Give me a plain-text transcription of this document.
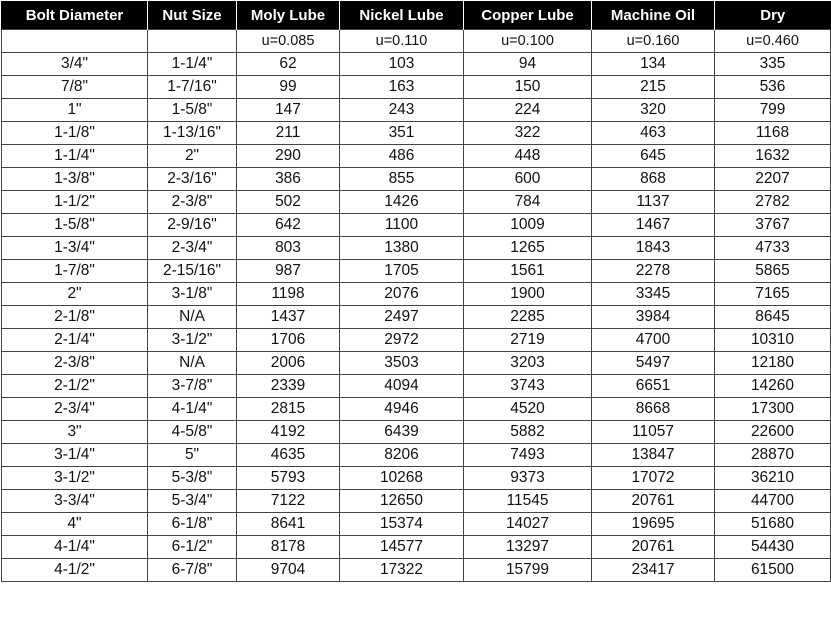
Bolt Diameter	Nut Size	Moly Lube	Nickel Lube	Copper Lube	Machine Oil	Dry
		u=0.085	u=0.110	u=0.100	u=0.160	u=0.460
3/4"	1-1/4"	62	103	94	134	335
7/8"	1-7/16"	99	163	150	215	536
1"	1-5/8"	147	243	224	320	799
1-1/8"	1-13/16"	211	351	322	463	1168
1-1/4"	2"	290	486	448	645	1632
1-3/8"	2-3/16"	386	855	600	868	2207
1-1/2"	2-3/8"	502	1426	784	1137	2782
1-5/8"	2-9/16"	642	1100	1009	1467	3767
1-3/4"	2-3/4"	803	1380	1265	1843	4733
1-7/8"	2-15/16"	987	1705	1561	2278	5865
2"	3-1/8"	1198	2076	1900	3345	7165
2-1/8"	N/A	1437	2497	2285	3984	8645
2-1/4"	3-1/2"	1706	2972	2719	4700	10310
2-3/8"	N/A	2006	3503	3203	5497	12180
2-1/2"	3-7/8"	2339	4094	3743	6651	14260
2-3/4"	4-1/4"	2815	4946	4520	8668	17300
3"	4-5/8"	4192	6439	5882	11057	22600
3-1/4"	5"	4635	8206	7493	13847	28870
3-1/2"	5-3/8"	5793	10268	9373	17072	36210
3-3/4"	5-3/4"	7122	12650	11545	20761	44700
4"	6-1/8"	8641	15374	14027	19695	51680
4-1/4"	6-1/2"	8178	14577	13297	20761	54430
4-1/2"	6-7/8"	9704	17322	15799	23417	61500
